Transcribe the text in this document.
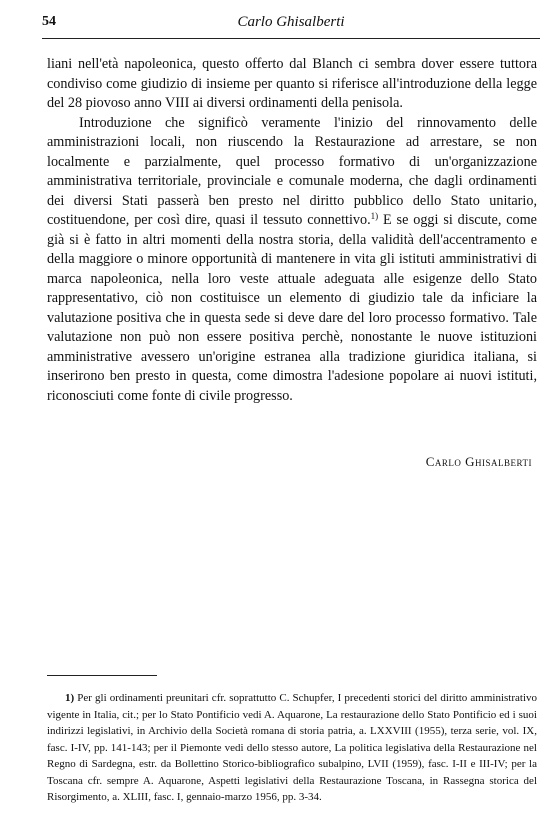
54	Carlo Ghisalberti

liani nell'età napoleonica, questo offerto dal Blanch ci sembra dover essere tuttora condiviso come giudizio di insieme per quanto si riferisce all'introduzione della legge del 28 piovoso anno VIII ai diversi ordinamenti della penisola.

Introduzione che significò veramente l'inizio del rinnovamento delle amministrazioni locali, non riuscendo la Restaurazione ad arrestare, se non localmente e parzialmente, quel processo formativo di un'organizzazione amministrativa territoriale, provinciale e comunale moderna, che dagli ordinamenti dei diversi Stati passerà ben presto nel diritto pubblico dello Stato unitario, costituendone, per così dire, quasi il tessuto connettivo.$^{1)}$ E se oggi si discute, come già si è fatto in altri momenti della nostra storia, della validità dell'accentramento e della maggiore o minore opportunità di mantenere in vita gli istituti amministrativi di marca napoleonica, nella loro veste attuale adeguata alle esigenze dello Stato rappresentativo, ciò non costituisce un elemento di giudizio tale da inficiare la valutazione positiva che in questa sede si deve dare del loro processo formativo. Tale valutazione non può non essere positiva perchè, nonostante le nuove istituzioni amministrative avessero un'origine estranea alla tradizione giuridica italiana, si inserirono ben presto in questa, come dimostra l'adesione popolare ai nuovi istituti, riconosciuti come fonte di civile progresso.

Carlo Ghisalberti

1) Per gli ordinamenti preunitari cfr. soprattutto C. Schupfer, I precedenti storici del diritto amministrativo vigente in Italia, cit.; per lo Stato Pontificio vedi A. Aquarone, La restaurazione dello Stato Pontificio ed i suoi indirizzi legislativi, in Archivio della Società romana di storia patria, a. LXXVIII (1955), terza serie, vol. IX, fasc. I-IV, pp. 141-143; per il Piemonte vedi dello stesso autore, La politica legislativa della Restaurazione nel Regno di Sardegna, estr. da Bollettino Storico-bibliografico subalpino, LVII (1959), fasc. I-II e III-IV; per la Toscana cfr. sempre A. Aquarone, Aspetti legislativi della Restaurazione Toscana, in Rassegna storica del Risorgimento, a. XLIII, fasc. I, gennaio-marzo 1956, pp. 3-34.
